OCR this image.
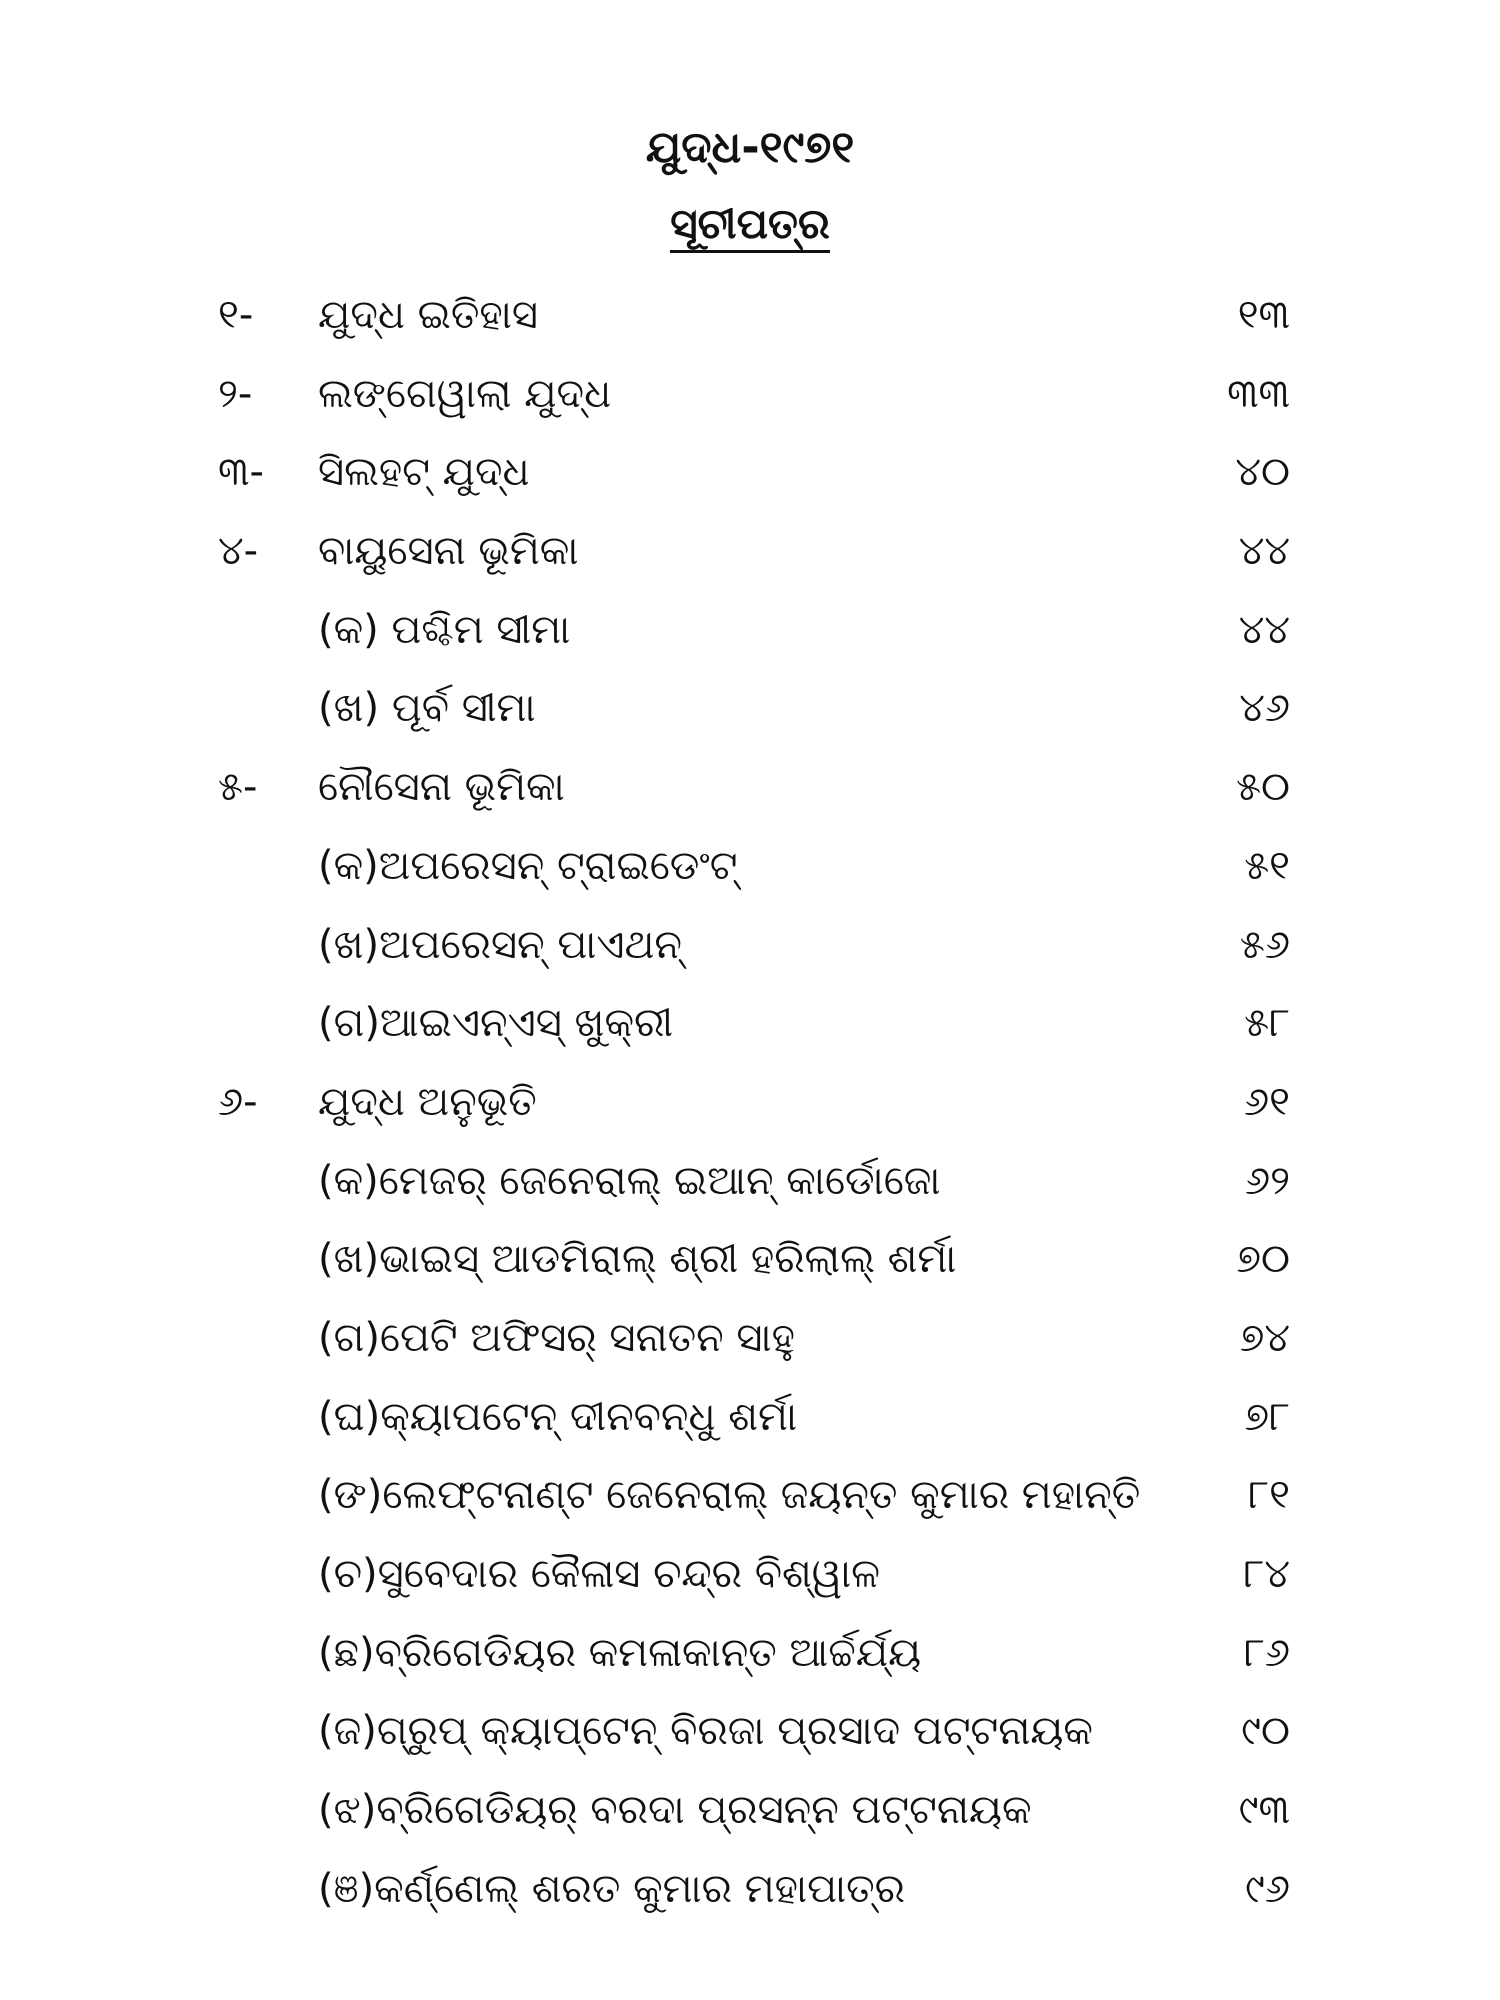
ଯୁଦ୍ଧ-୧୯୭୧
ସୂଚୀପତ୍ର
୧-	ଯୁଦ୍ଧ ଇତିହାସ	୧୩
୨-	ଲଙ୍ଗେୱାଲା ଯୁଦ୍ଧ	୩୩
୩-	ସିଲହଟ୍ ଯୁଦ୍ଧ	୪୦
୪-	ବାୟୁସେନା ଭୂମିକା	୪୪
(କ) ପଶ୍ଚିମ ସୀମା	୪୪
(ଖ) ପୂର୍ବ ସୀମା	୪୬
୫-	ନୌସେନା ଭୂମିକା	୫୦
(କ)ଅପରେସନ୍ ଟ୍ରାଇଡେଂଟ୍	୫୧
(ଖ)ଅପରେସନ୍ ପାଏଥନ୍	୫୬
(ଗ)ଆଇଏନ୍‌ଏସ୍ ଖୁକ୍‌ରୀ	୫୮
୬-	ଯୁଦ୍ଧ ଅନୁଭୂତି	୬୧
(କ)ମେଜର୍ ଜେନେରାଲ୍ ଇଆନ୍ କାର୍ଡୋଜୋ	୬୨
(ଖ)ଭାଇସ୍ ଆଡମିରାଲ୍ ଶ୍ରୀ ହରିଲାଲ୍ ଶର୍ମା	୭୦
(ଗ)ପେଟି ଅଫିସର୍ ସନାତନ ସାହୁ	୭୪
(ଘ)କ୍ୟାପଟେନ୍ ଦୀନବନ୍ଧୁ ଶର୍ମା	୭୮
(ଙ)ଲେଫ୍ଟନାଣ୍ଟ ଜେନେରାଲ୍ ଜୟନ୍ତ କୁମାର ମହାନ୍ତି	୮୧
(ଚ)ସୁବେଦାର କୈଳାସ ଚନ୍ଦ୍ର ବିଶ୍ୱାଳ	୮୪
(ଛ)ବ୍ରିଗେଡିୟର କମଳାକାନ୍ତ ଆର୍ଚ୍ଚର୍ଯ୍ୟ	୮୬
(ଜ)ଗ୍ରୁପ୍ କ୍ୟାପ୍‌ଟେନ୍ ବିରଜା ପ୍ରସାଦ ପଟ୍ଟନାୟକ	୯୦
(ଝ)ବ୍ରିଗେଡିୟର୍ ବରଦା ପ୍ରସନ୍ନ ପଟ୍ଟନାୟକ	୯୩
(ଞ)କର୍ଣ୍ଣେଲ୍ ଶରତ କୁମାର ମହାପାତ୍ର	୯୬
